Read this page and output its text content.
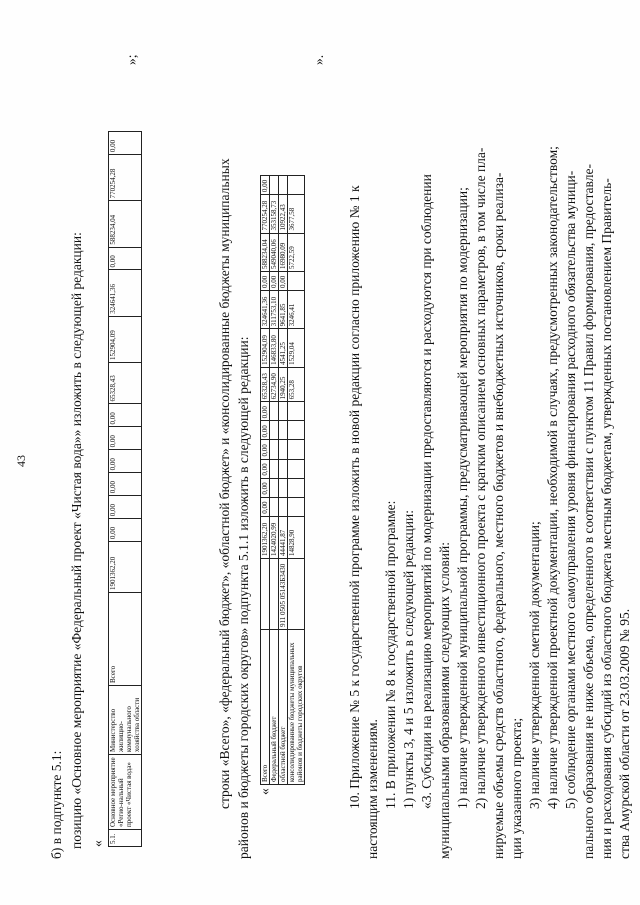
43
б) в подпункте 5.1: позицию «Основное мероприятие «Федеральный проект «Чистая вода»» изложить в следующей редакции: « 5.1.	Основное мероприятие «Регио-нальный проект «Чистая вода»	Министерство жилищно-коммунального хозяйства области	Всего	1901362,20	0,00	0,00	0,00	0,00	0,00	0,00	65328,43	152904,09	324641,36	0,00	588234,04	770254,28	0,00
»;
строки «Всего», «федеральный бюджет», «областной бюджет» и «консолидированные бюджеты муниципальных районов и бюджеты городских округов» подпункта 5.1.1 изложить в следующей редакции: «
Всего		1901362,20	0,00	0,00	0,00	0,00	0,00	0,00	65328,43	152904,09	324641,36	0,00	588234,04	770254,28	0,00
Федеральный бюджет		1424020,99							62734,90	146833,80	311753,10	0,00	549040,06	353158,73	
областной бюджет	911 0505 05143Б3430	44441,87							1940,25	4541,25	9641,85	0,00	16980,09	10922,43	
консолидированные бюджеты муниципальных районов и бюджеты городских округов		14828,90							653,28	1529,04	3246,41		5722,59	3677,58	
».
10. Приложение № 5 к государственной программе изложить в новой редакции согласно приложению № 1 к настоящим изменениям. 11. В приложении № 8 к государственной программе: 1) пункты 3, 4 и 5 изложить в следующей редакции: «3. Субсидии на реализацию мероприятий по модернизации предоставляются и расходуются при соблюдении муниципальными образованиями следующих условий: 1) наличие утвержденной муниципальной программы, предусматривающей мероприятия по модернизации; 2) наличие утвержденного инвестиционного проекта с кратким описанием основных параметров, в том числе пла- нируемые объемы средств областного, федерального, местного бюджетов и внебюджетных источников, сроки реализа- ции указанного проекта; 3) наличие утвержденной сметной документации; 4) наличие утвержденной проектной документации, необходимой в случаях, предусмотренных законодательством; 5) соблюдение органами местного самоуправления уровня финансирования расходного обязательства муници- пального образования не ниже объема, определенного в соответствии с пунктом 11 Правил формирования, предоставле- ния и расходования субсидий из областного бюджета местным бюджетам, утвержденных постановлением Правитель- ства Амурской области от 23.03.2009 № 95.
